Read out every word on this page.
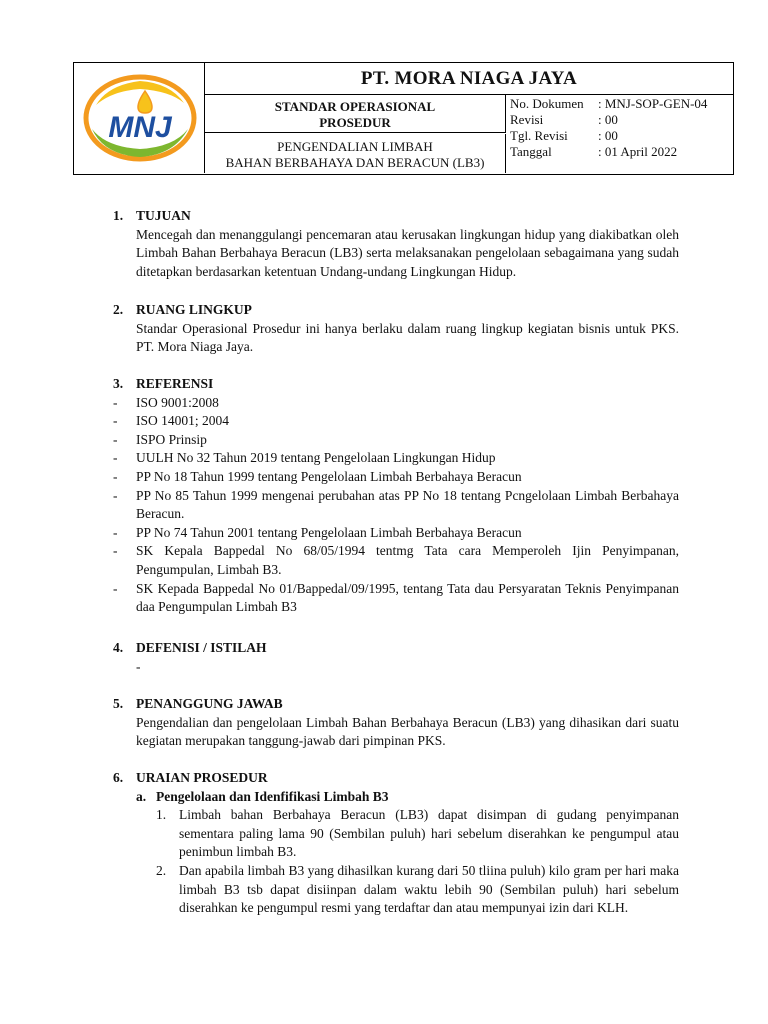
MNJ
PT. MORA NIAGA JAYA
STANDAR OPERASIONAL
PROSEDUR
PENGENDALIAN LIMBAH
BAHAN BERBAHAYA DAN BERACUN (LB3)
No. Dokumen	: MNJ-SOP-GEN-04
Revisi	: 00
Tgl. Revisi	: 00
Tanggal	: 01 April 2022
1. TUJUAN
Mencegah dan menanggulangi pencemaran atau kerusakan lingkungan hidup yang diakibatkan oleh Limbah Bahan Berbahaya Beracun (LB3) serta melaksanakan pengelolaan sebagaimana yang sudah ditetapkan berdasarkan ketentuan Undang-undang Lingkungan Hidup.
2. RUANG LINGKUP
Standar Operasional Prosedur ini hanya berlaku dalam ruang lingkup kegiatan bisnis untuk PKS. PT. Mora Niaga Jaya.
3. REFERENSI
-	ISO 9001:2008
-	ISO 14001; 2004
-	ISPO Prinsip
-	UULH No 32 Tahun 2019 tentang Pengelolaan Lingkungan Hidup
-	PP No 18 Tahun 1999 tentang Pengelolaan Limbah Berbahaya Beracun
-	PP No 85 Tahun 1999 mengenai perubahan atas PP No 18 tentang Pcngelolaan Limbah Berbahaya Beracun.
-	PP No 74 Tahun 2001 tentang Pengelolaan Limbah Berbahaya Beracun
-	SK Kepala Bappedal No 68/05/1994 tentmg Tata cara Memperoleh Ijin Penyimpanan, Pengumpulan, Limbah B3.
-	SK Kepada Bappedal No 01/Bappedal/09/1995, tentang Tata dau Persyaratan Teknis Penyimpanan daa Pengumpulan Limbah B3
4. DEFENISI / ISTILAH
-
5. PENANGGUNG JAWAB
Pengendalian dan pengelolaan Limbah Bahan Berbahaya Beracun (LB3) yang dihasikan dari suatu kegiatan merupakan tanggung-jawab dari pimpinan PKS.
6. URAIAN PROSEDUR
a. Pengelolaan dan Idenfifikasi Limbah B3
1. Limbah bahan Berbahaya Beracun (LB3) dapat disimpan di gudang penyimpanan sementara paling lama 90 (Sembilan puluh) hari sebelum diserahkan ke pengumpul atau penimbun limbah B3.
2. Dan apabila limbah B3 yang dihasilkan kurang dari 50 tliina puluh) kilo gram per hari maka limbah B3 tsb dapat disiinpan dalam waktu lebih 90 (Sembilan puluh) hari sebelum diserahkan ke pengumpul resmi yang terdaftar dan atau mempunyai izin dari KLH.
